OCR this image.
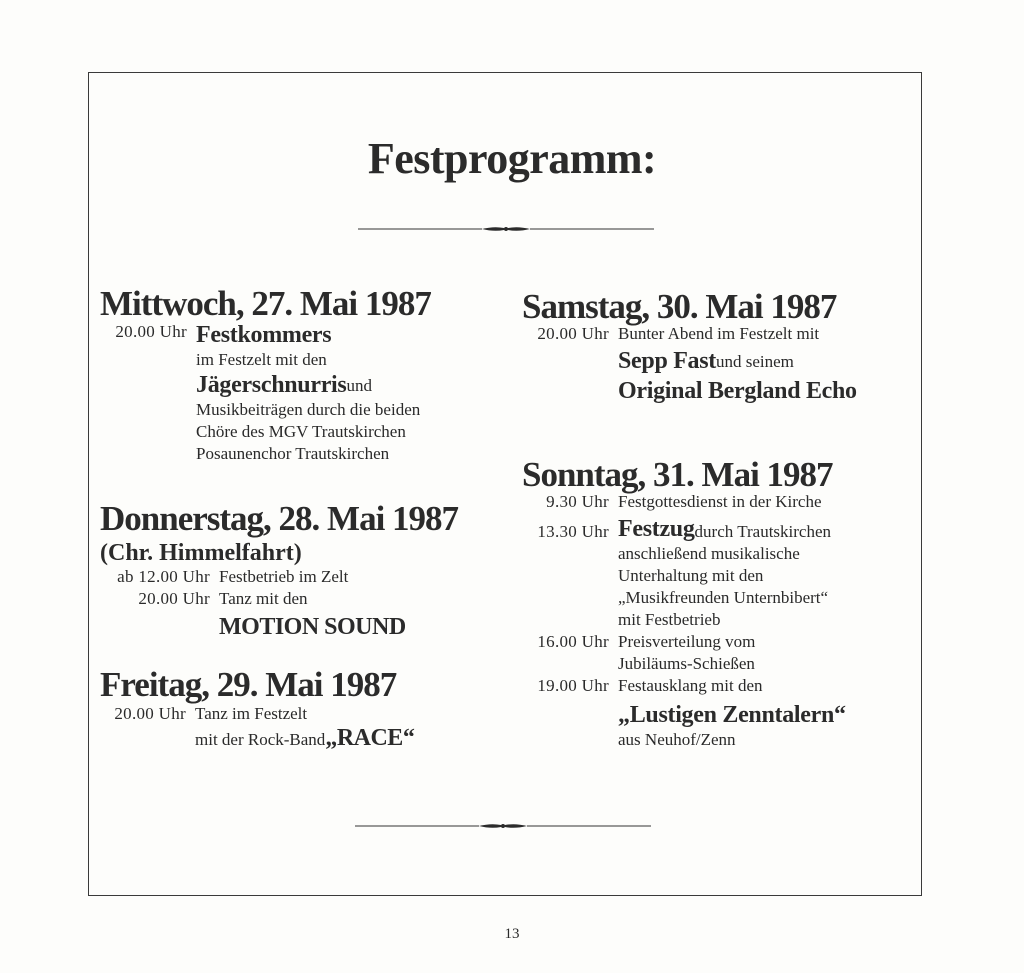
Festprogramm:
Mittwoch, 27. Mai 1987
20.00 Uhr Festkommers
im Festzelt mit den
Jägerschnurris und
Musikbeiträgen durch die beiden
Chöre des MGV Trautskirchen
Posaunenchor Trautskirchen
Donnerstag, 28. Mai 1987
(Chr. Himmelfahrt)
ab 12.00 Uhr Festbetrieb im Zelt
20.00 Uhr Tanz mit den
MOTION SOUND
Freitag, 29. Mai 1987
20.00 Uhr Tanz im Festzelt
mit der Rock-Band „RACE“
Samstag, 30. Mai 1987
20.00 Uhr Bunter Abend im Festzelt mit
Sepp Fast und seinem
Original Bergland Echo
Sonntag, 31. Mai 1987
9.30 Uhr Festgottesdienst in der Kirche
13.30 Uhr Festzug durch Trautskirchen
anschließend musikalische
Unterhaltung mit den
„Musikfreunden Unternbibert“
mit Festbetrieb
16.00 Uhr Preisverteilung vom
Jubiläums-Schießen
19.00 Uhr Festausklang mit den
„Lustigen Zenntalern“
aus Neuhof/Zenn
13
